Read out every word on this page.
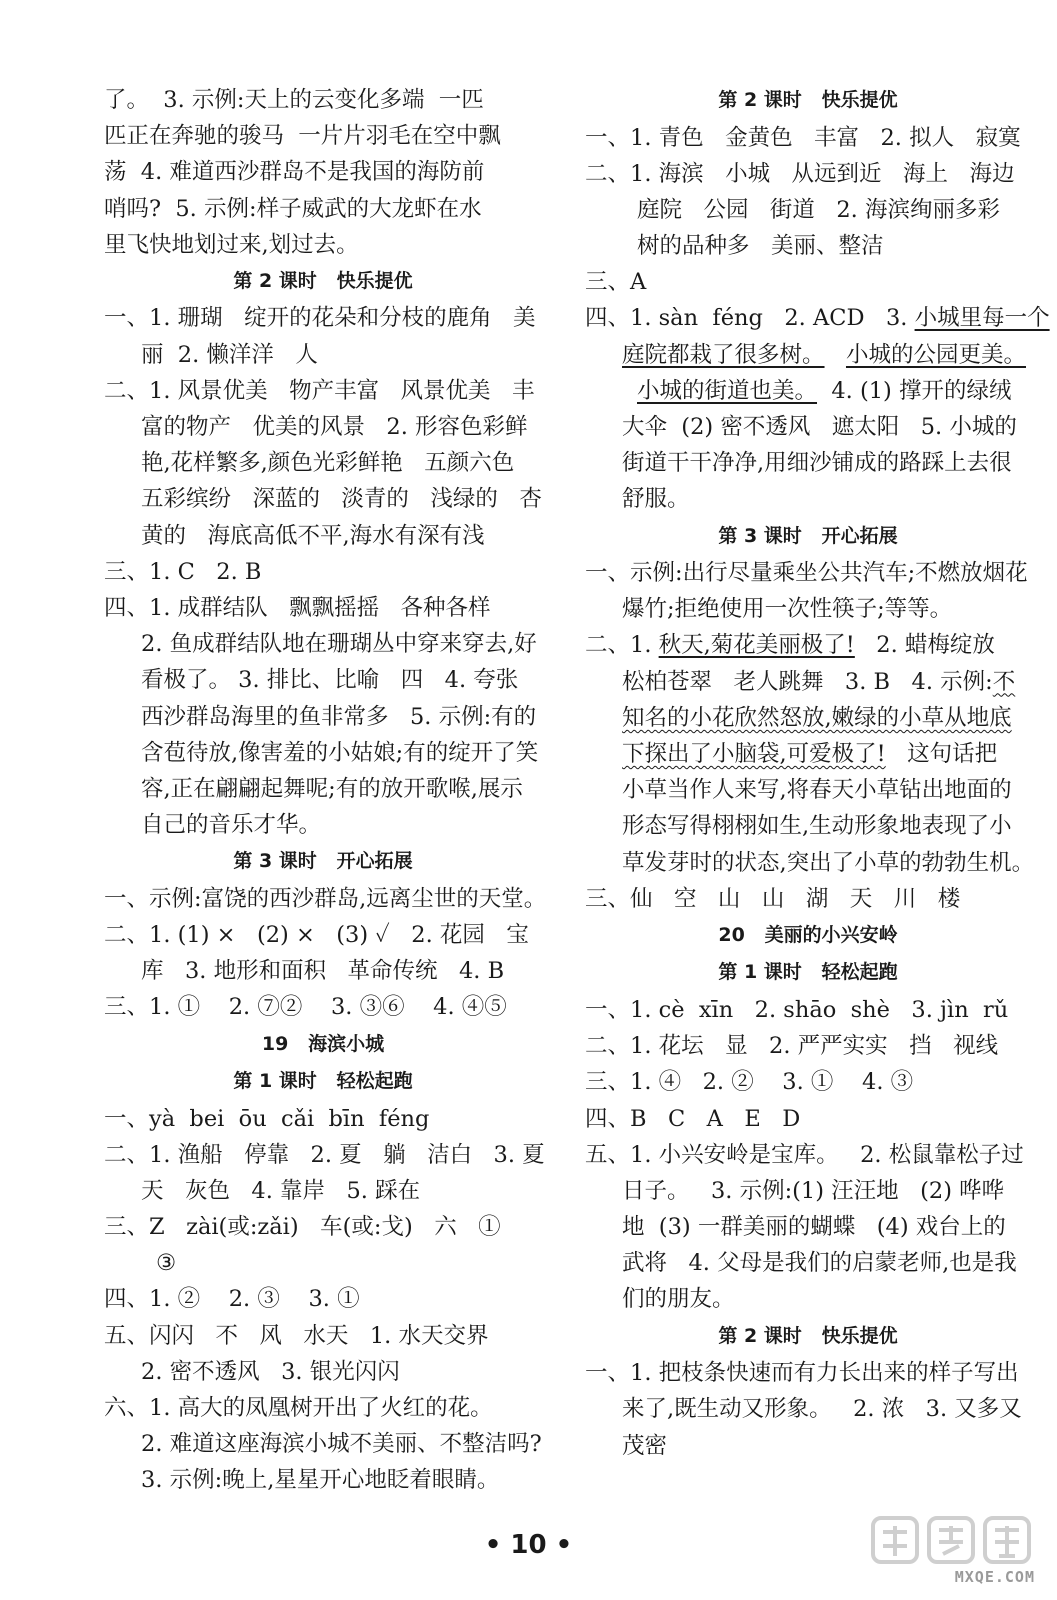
了。  3. 示例:天上的云变化多端  一匹
匹正在奔驰的骏马  一片片羽毛在空中飘
荡  4. 难道西沙群岛不是我国的海防前
哨吗?  5. 示例:样子威武的大龙虾在水
里飞快地划过来,划过去。
第 2 课时   快乐提优
一、1. 珊瑚   绽开的花朵和分枝的鹿角   美
丽  2. 懒洋洋   人
二、1. 风景优美   物产丰富   风景优美   丰
富的物产   优美的风景   2. 形容色彩鲜
艳,花样繁多,颜色光彩鲜艳   五颜六色
五彩缤纷   深蓝的   淡青的   浅绿的   杏
黄的   海底高低不平,海水有深有浅
三、1. C   2. B
四、1. 成群结队   飘飘摇摇   各种各样
2. 鱼成群结队地在珊瑚丛中穿来穿去,好
看极了。 3. 排比、比喻   四   4. 夸张
西沙群岛海里的鱼非常多   5. 示例:有的
含苞待放,像害羞的小姑娘;有的绽开了笑
容,正在翩翩起舞呢;有的放开歌喉,展示
自己的音乐才华。
第 3 课时   开心拓展
一、示例:富饶的西沙群岛,远离尘世的天堂。
二、1. (1) ×   (2) ×   (3) ✓   2. 花园   宝
库   3. 地形和面积   革命传统   4. B
三、1. ①    2. ⑦②    3. ③⑥    4. ④⑤
19   海滨小城
第 1 课时   轻松起跑
一、yà  bei  ōu  cǎi  bīn  féng
二、1. 渔船   停靠   2. 夏   躺   洁白   3. 夏
天   灰色   4. 靠岸   5. 踩在
三、Z   zài(或:zǎi)   车(或:戈)   六   ①
③
四、1. ②    2. ③    3. ①
五、闪闪   不   风   水天   1. 水天交界
2. 密不透风   3. 银光闪闪
六、1. 高大的凤凰树开出了火红的花。
2. 难道这座海滨小城不美丽、不整洁吗?
3. 示例:晚上,星星开心地眨着眼睛。
第 2 课时   快乐提优
一、1. 青色   金黄色   丰富   2. 拟人   寂寞
二、1. 海滨   小城   从远到近   海上   海边
庭院   公园   街道   2. 海滨绚丽多彩
树的品种多   美丽、整洁
三、A
四、1. sàn  féng   2. ACD   3. 小城里每一个
庭院都栽了很多树。 小城的公园更美。
小城的街道也美。  4. (1) 撑开的绿绒
大伞  (2) 密不透风   遮太阳   5. 小城的
街道干干净净,用细沙铺成的路踩上去很
舒服。
第 3 课时   开心拓展
一、示例:出行尽量乘坐公共汽车;不燃放烟花
爆竹;拒绝使用一次性筷子;等等。
二、1. 秋天,菊花美丽极了!   2. 蜡梅绽放
松柏苍翠   老人跳舞   3. B   4. 示例:不
知名的小花欣然怒放,嫩绿的小草从地底
下探出了小脑袋,可爱极了!   这句话把
小草当作人来写,将春天小草钻出地面的
形态写得栩栩如生,生动形象地表现了小
草发芽时的状态,突出了小草的勃勃生机。
三、仙   空   山   山   湖   天   川   楼
20   美丽的小兴安岭
第 1 课时   轻松起跑
一、1. cè  xīn   2. shāo  shè   3. jìn  rǔ
二、1. 花坛   显   2. 严严实实   挡   视线
三、1. ④   2. ②    3. ①    4. ③
四、B   C   A   E   D
五、1. 小兴安岭是宝库。   2. 松鼠靠松子过
日子。   3. 示例:(1) 汪汪地   (2) 哗哗
地  (3) 一群美丽的蝴蝶   (4) 戏台上的
武将   4. 父母是我们的启蒙老师,也是我
们的朋友。
第 2 课时   快乐提优
一、1. 把枝条快速而有力长出来的样子写出
来了,既生动又形象。   2. 浓   3. 又多又
茂密
• 10 •
MXQE.COM
